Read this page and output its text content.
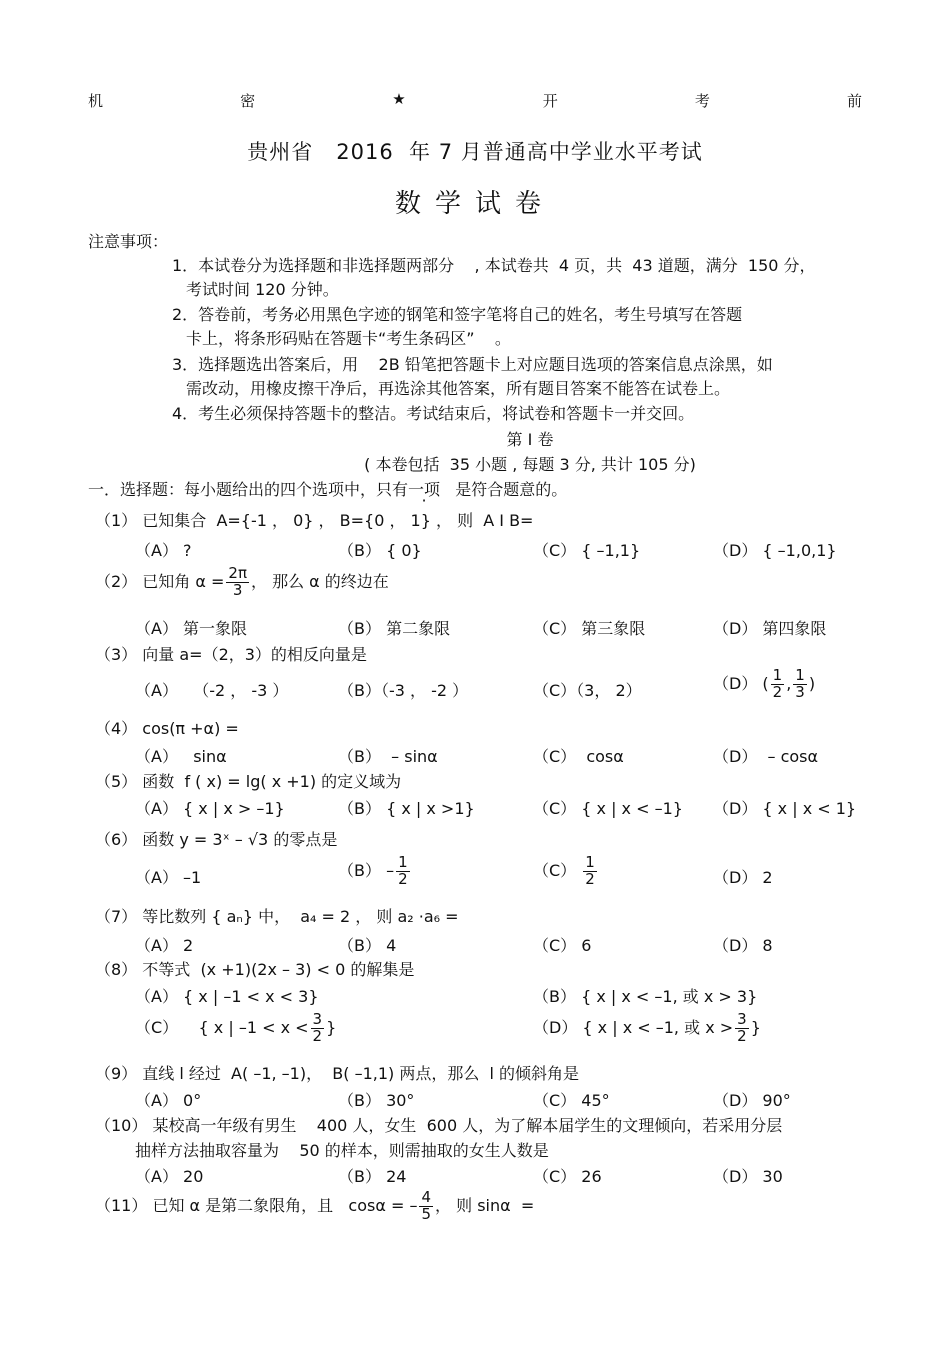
机	密	★	开	考	前
贵州省   2016  年 7 月普通高中学业水平考试
数学试卷
注意事项：
1．本试卷分为选择题和非选择题两部分    , 本试卷共  4 页，共  43 道题，满分  150 分，
考试时间 120 分钟。
2．答卷前，考务必用黑色字迹的钢笔和签字笔将自己的姓名，考生号填写在答题
卡上，将条形码贴在答题卡“考生条码区”    。
3．选择题选出答案后，用    2B 铅笔把答题卡上对应题目选项的答案信息点涂黑，如
需改动，用橡皮擦干净后，再选涂其他答案，所有题目答案不能答在试卷上。
4．考生必须保持答题卡的整洁。考试结束后，将试卷和答题卡一并交回。
第 I 卷
( 本卷包括  35 小题 , 每题 3 分, 共计 105 分)
一．选择题：每小题给出的四个选项中，只有一项 是符合题意的。
（1） 已知集合  A={-1 ， 0} ， B={0 ， 1} ， 则  A I B=
（A） ?	（B） { 0}	（C） { –1,1}	（D） { –1,0,1}
（2） 已知角 $\alpha = \frac{2\pi}{3}$ ， 那么 α 的终边在
（A） 第一象限	（B） 第二象限	（C） 第三象限	（D） 第四象限
（3） 向量 a=（2，3）的相反向量是
（A）   （-2 ， -3 ）	（B）（-3 ， -2 ）	（C）（3， 2）	（D） ( $\frac{1}{2}$ , $\frac{1}{3}$ )
（4） cos(π +α) =
（A）   sinα	（B）  – sinα	（C）  cosα	（D）  – cosα
（5） 函数  f ( x) = lg( x +1) 的定义域为
（A） { x | x > –1}	（B） { x | x >1}	（C） { x | x < –1} （D） { x | x < 1}
（6） 函数 y = 3ˣ – √3 的零点是
（A） –1	$(B) - \frac{1}{2}$	$(C) \frac{1}{2}$	（D） 2
（7） 等比数列 { aₙ} 中，  a₄ = 2 ， 则 a₂ ·a₆ =
（A） 2	（B） 4	（C） 6	（D） 8
（8） 不等式  (x +1)(2x – 3) < 0 的解集是
（A） { x | –1 < x < 3}	（B） { x | x < –1, 或 x > 3}
（C）    { x | $-1 < x < \frac{3}{2}$ }	（D） { x | x < –1, 或 $x > \frac{3}{2}$ }
（9） 直线 l 经过  A( –1, –1)，  B( –1,1) 两点，那么  l 的倾斜角是
（A） 0°	（B） 30°	（C） 45°	（D） 90°
（10） 某校高一年级有男生    400 人，女生  600 人，为了解本届学生的文理倾向，若采用分层
抽样方法抽取容量为    50 的样本，则需抽取的女生人数是
（A） 20	（B） 24	（C） 26	（D） 30
（11） 已知 α 是第二象限角，且   cosα = – $\frac{4}{5}$ ， 则 sinα  =
